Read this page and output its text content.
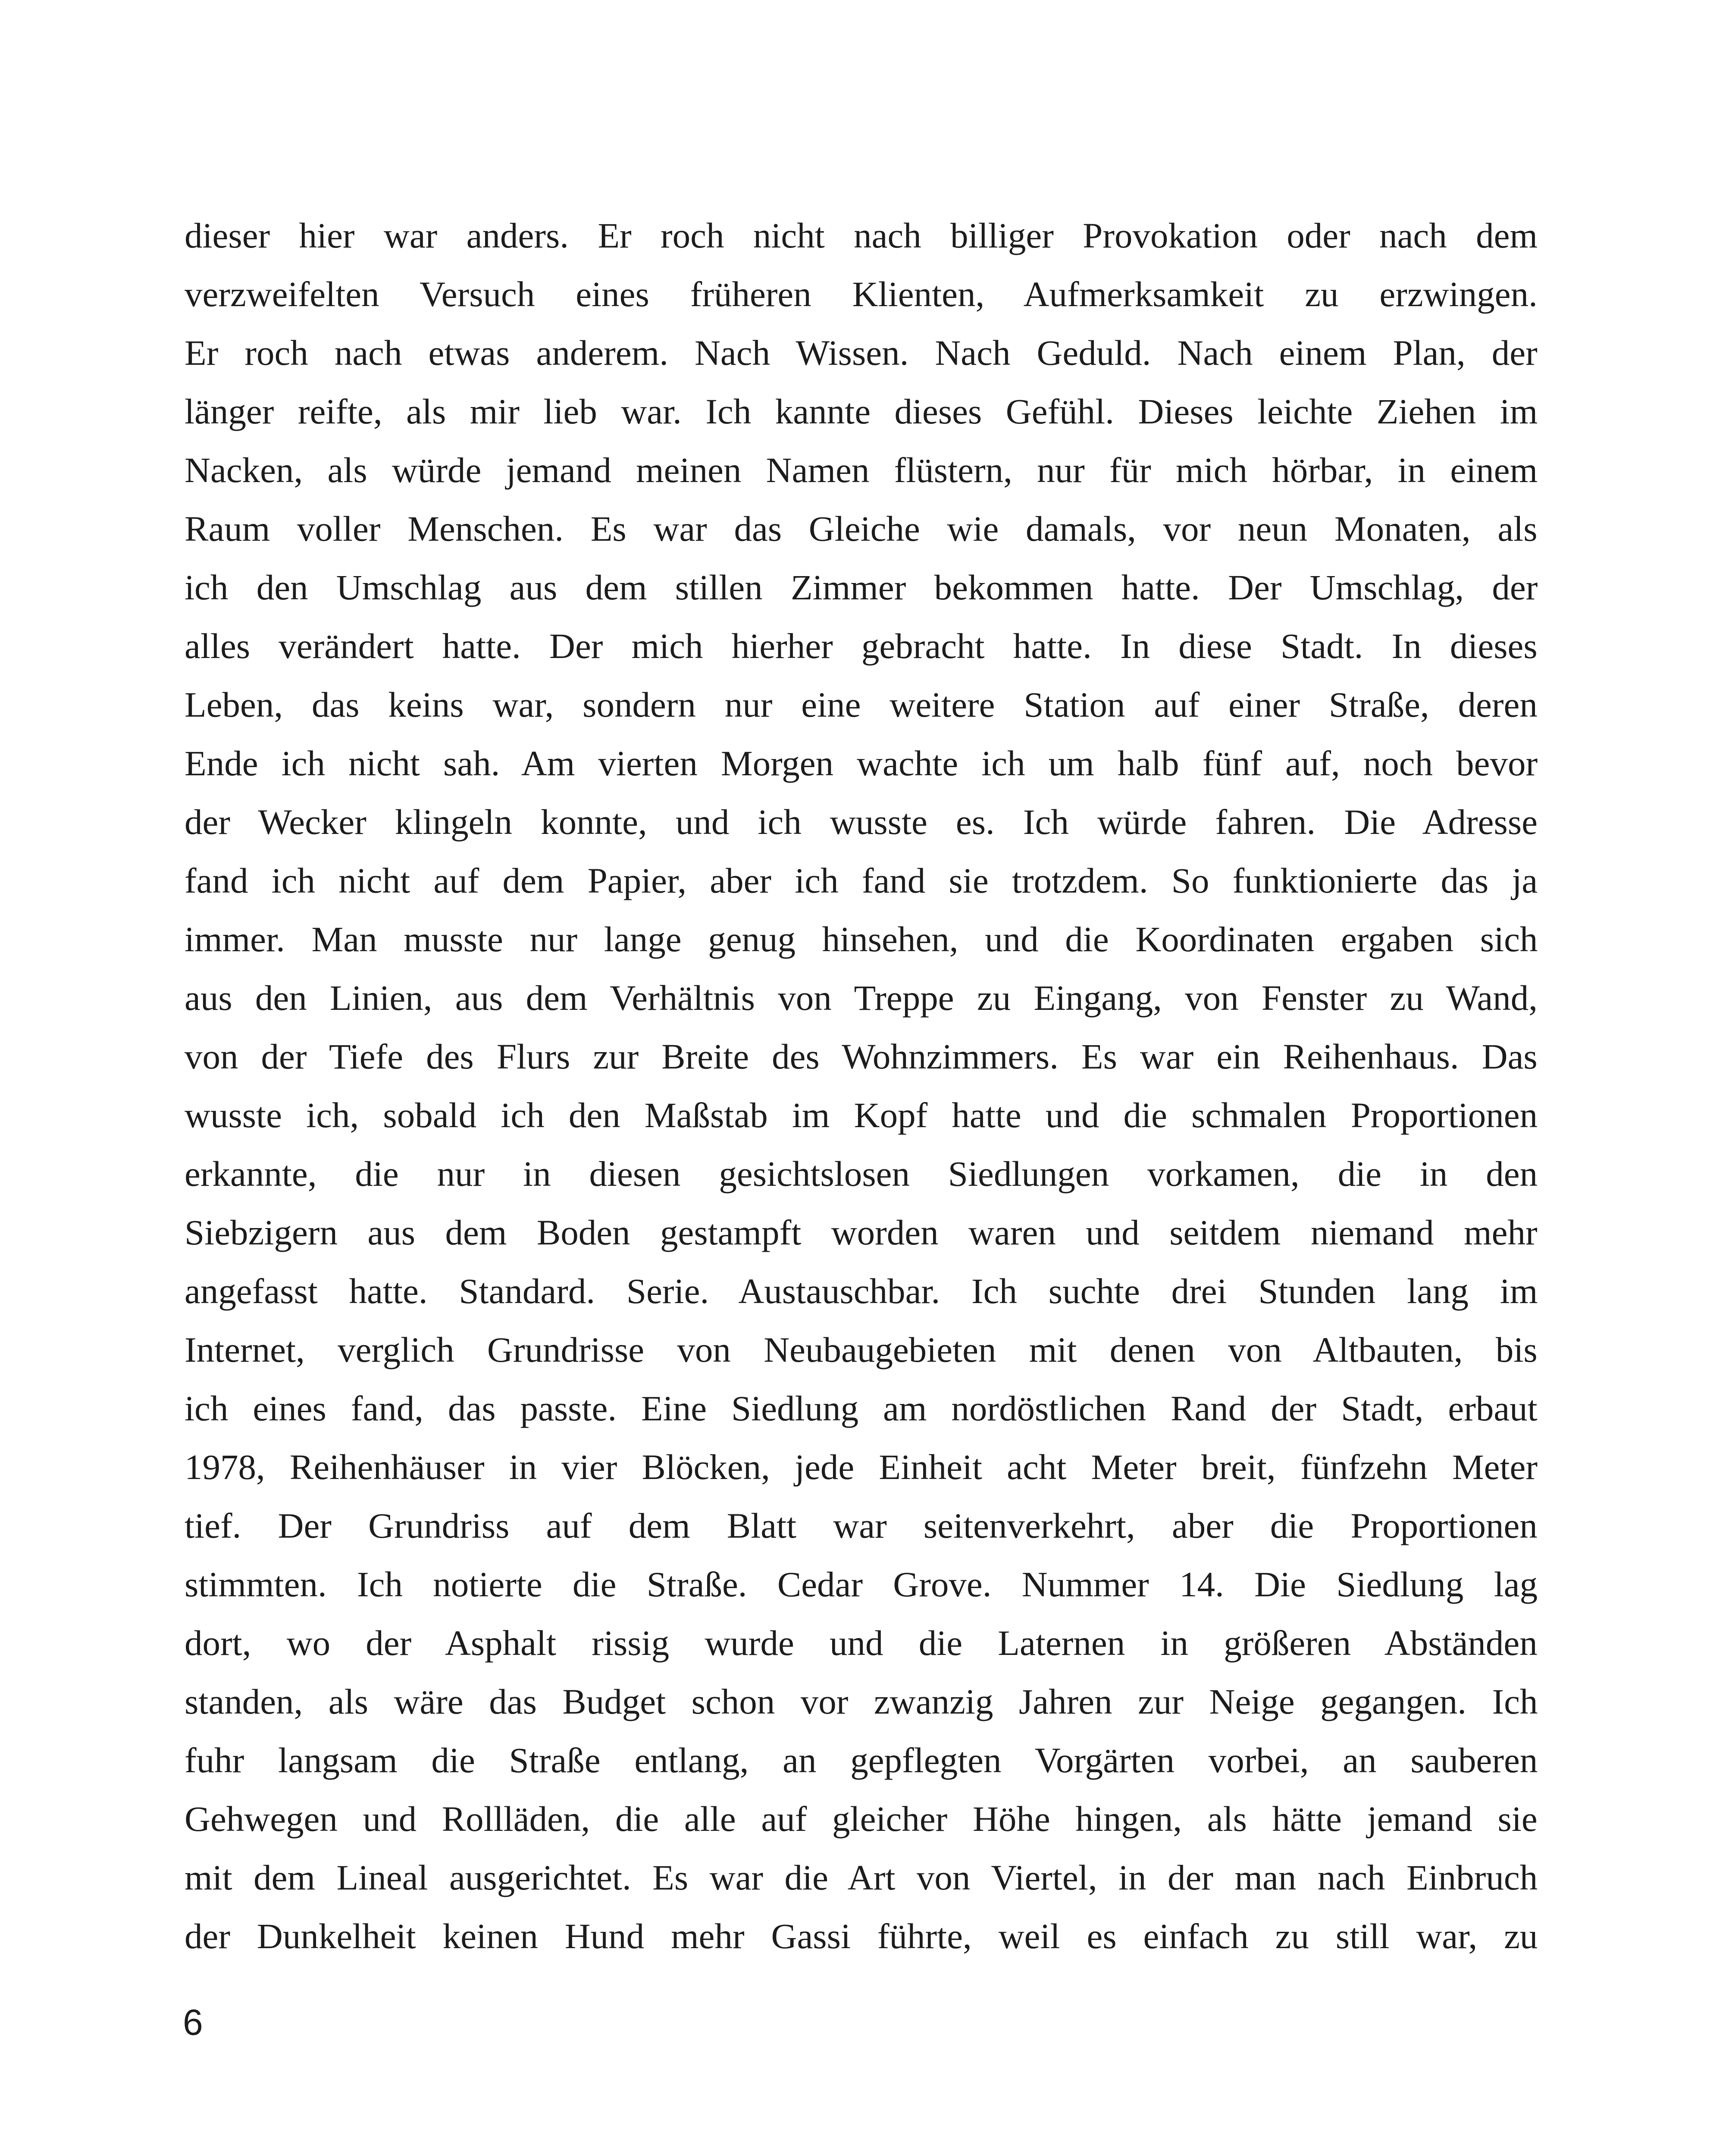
dieser hier war anders. Er roch nicht nach billiger Provokation oder nach dem
verzweifelten Versuch eines früheren Klienten, Aufmerksamkeit zu erzwingen.
Er roch nach etwas anderem. Nach Wissen. Nach Geduld. Nach einem Plan, der
länger reifte, als mir lieb war. Ich kannte dieses Gefühl. Dieses leichte Ziehen im
Nacken, als würde jemand meinen Namen flüstern, nur für mich hörbar, in einem
Raum voller Menschen. Es war das Gleiche wie damals, vor neun Monaten, als
ich den Umschlag aus dem stillen Zimmer bekommen hatte. Der Umschlag, der
alles verändert hatte. Der mich hierher gebracht hatte. In diese Stadt. In dieses
Leben, das keins war, sondern nur eine weitere Station auf einer Straße, deren
Ende ich nicht sah. Am vierten Morgen wachte ich um halb fünf auf, noch bevor
der Wecker klingeln konnte, und ich wusste es. Ich würde fahren. Die Adresse
fand ich nicht auf dem Papier, aber ich fand sie trotzdem. So funktionierte das ja
immer. Man musste nur lange genug hinsehen, und die Koordinaten ergaben sich
aus den Linien, aus dem Verhältnis von Treppe zu Eingang, von Fenster zu Wand,
von der Tiefe des Flurs zur Breite des Wohnzimmers. Es war ein Reihenhaus. Das
wusste ich, sobald ich den Maßstab im Kopf hatte und die schmalen Proportionen
erkannte, die nur in diesen gesichtslosen Siedlungen vorkamen, die in den
Siebzigern aus dem Boden gestampft worden waren und seitdem niemand mehr
angefasst hatte. Standard. Serie. Austauschbar. Ich suchte drei Stunden lang im
Internet, verglich Grundrisse von Neubaugebieten mit denen von Altbauten, bis
ich eines fand, das passte. Eine Siedlung am nordöstlichen Rand der Stadt, erbaut
1978, Reihenhäuser in vier Blöcken, jede Einheit acht Meter breit, fünfzehn Meter
tief. Der Grundriss auf dem Blatt war seitenverkehrt, aber die Proportionen
stimmten. Ich notierte die Straße. Cedar Grove. Nummer 14. Die Siedlung lag
dort, wo der Asphalt rissig wurde und die Laternen in größeren Abständen
standen, als wäre das Budget schon vor zwanzig Jahren zur Neige gegangen. Ich
fuhr langsam die Straße entlang, an gepflegten Vorgärten vorbei, an sauberen
Gehwegen und Rollläden, die alle auf gleicher Höhe hingen, als hätte jemand sie
mit dem Lineal ausgerichtet. Es war die Art von Viertel, in der man nach Einbruch
der Dunkelheit keinen Hund mehr Gassi führte, weil es einfach zu still war, zu

6
